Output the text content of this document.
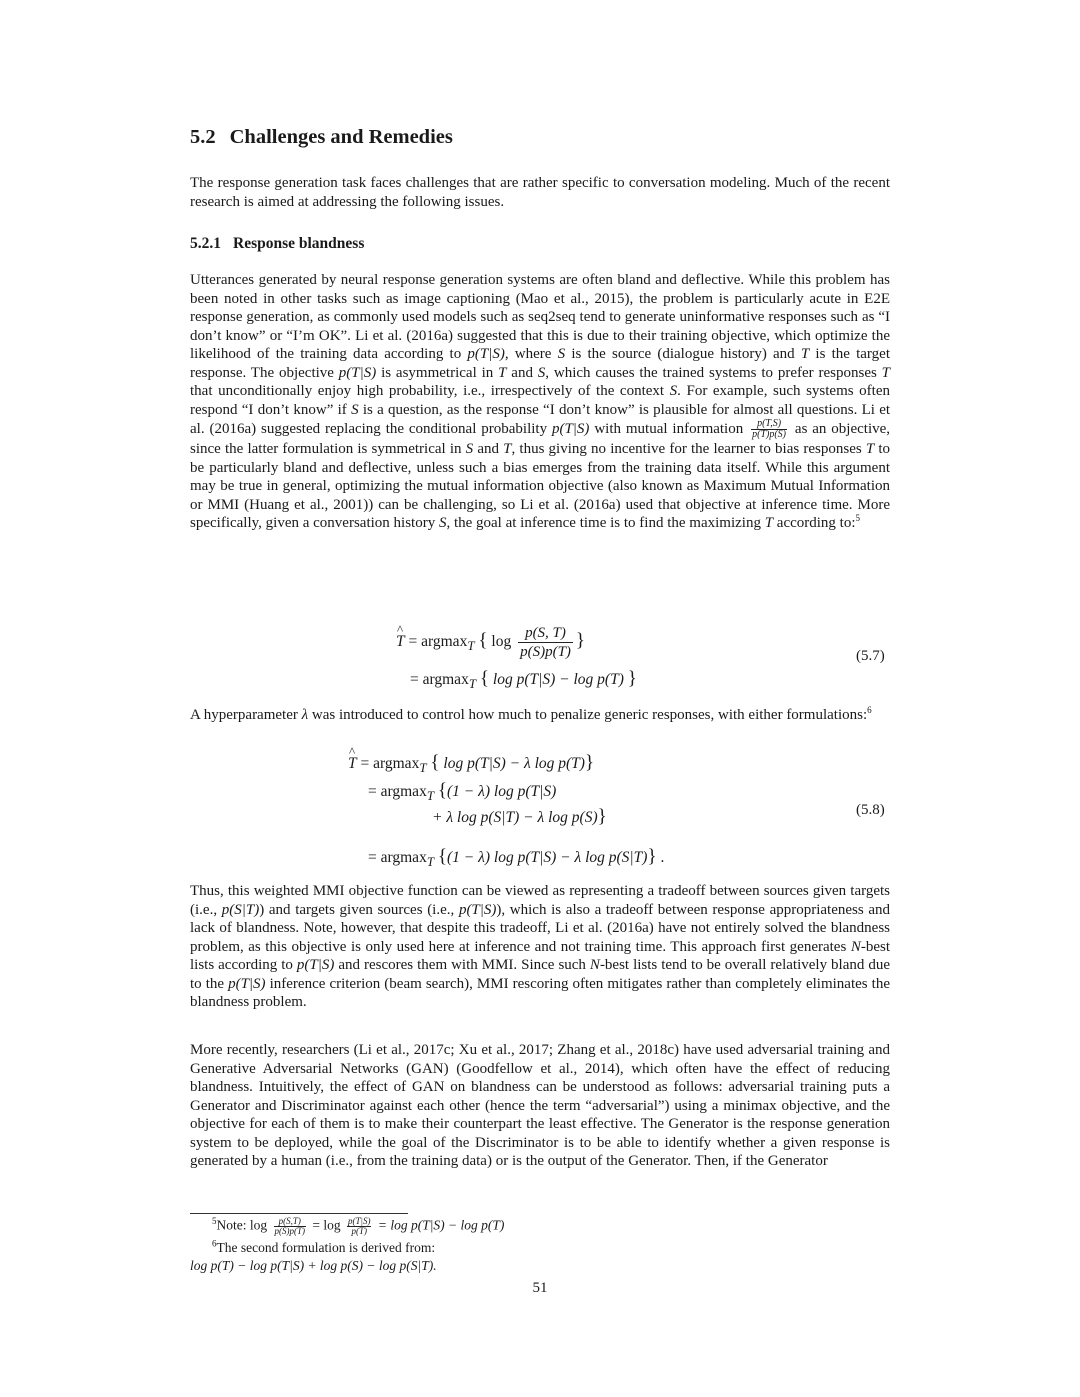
5.2 Challenges and Remedies

The response generation task faces challenges that are rather specific to conversation modeling. Much of the recent research is aimed at addressing the following issues.

5.2.1 Response blandness

Utterances generated by neural response generation systems are often bland and deflective. While this problem has been noted in other tasks such as image captioning (Mao et al., 2015), the problem is particularly acute in E2E response generation, as commonly used models such as seq2seq tend to generate uninformative responses such as “I don’t know” or “I’m OK”. Li et al. (2016a) suggested that this is due to their training objective, which optimize the likelihood of the training data according to p(T|S), where S is the source (dialogue history) and T is the target response. The objective p(T|S) is asymmetrical in T and S, which causes the trained systems to prefer responses T that unconditionally enjoy high probability, i.e., irrespectively of the context S. For example, such systems often respond “I don’t know” if S is a question, as the response “I don’t know” is plausible for almost all questions. Li et al. (2016a) suggested replacing the conditional probability p(T|S) with mutual information $\frac{p(T,S)}{p(T)p(S)}$ as an objective, since the latter formulation is symmetrical in S and T, thus giving no incentive for the learner to bias responses T to be particularly bland and deflective, unless such a bias emerges from the training data itself. While this argument may be true in general, optimizing the mutual information objective (also known as Maximum Mutual Information or MMI (Huang et al., 2001)) can be challenging, so Li et al. (2016a) used that objective at inference time. More specifically, given a conversation history S, the goal at inference time is to find the maximizing T according to:$^5$

^ T = argmax$_T$ { $\log \frac{p(S, T)}{p(S)p(T)}$ }
= argmax$_T$ { log p(T|S) − log p(T) }
(5.7)

A hyperparameter λ was introduced to control how much to penalize generic responses, with either formulations:$^6$

^ T = argmax$_T$ { log p(T|S) − λ log p(T)}
= argmax$_T$ {(1 − λ) log p(T|S)
+ λ log p(S|T) − λ log p(S)}
= argmax$_T$ {(1 − λ) log p(T|S) − λ log p(S|T)} .
(5.8)

Thus, this weighted MMI objective function can be viewed as representing a tradeoff between sources given targets (i.e., p(S|T)) and targets given sources (i.e., p(T|S)), which is also a tradeoff between response appropriateness and lack of blandness. Note, however, that despite this tradeoff, Li et al. (2016a) have not entirely solved the blandness problem, as this objective is only used here at inference and not training time. This approach first generates N-best lists according to p(T|S) and rescores them with MMI. Since such N-best lists tend to be overall relatively bland due to the p(T|S) inference criterion (beam search), MMI rescoring often mitigates rather than completely eliminates the blandness problem.

More recently, researchers (Li et al., 2017c; Xu et al., 2017; Zhang et al., 2018c) have used adversarial training and Generative Adversarial Networks (GAN) (Goodfellow et al., 2014), which often have the effect of reducing blandness. Intuitively, the effect of GAN on blandness can be understood as follows: adversarial training puts a Generator and Discriminator against each other (hence the term “adversarial”) using a minimax objective, and the objective for each of them is to make their counterpart the least effective. The Generator is the response generation system to be deployed, while the goal of the Discriminator is to be able to identify whether a given response is generated by a human (i.e., from the training data) or is the output of the Generator. Then, if the Generator

$^5$Note: $\log \frac{p(S,T)}{p(S)p(T)} = \log \frac{p(T|S)}{p(T)} = \log p(T|S) - \log p(T)$
$^6$The second formulation is derived from:
log p(T) − log p(T|S) + log p(S) − log p(S|T).
51
